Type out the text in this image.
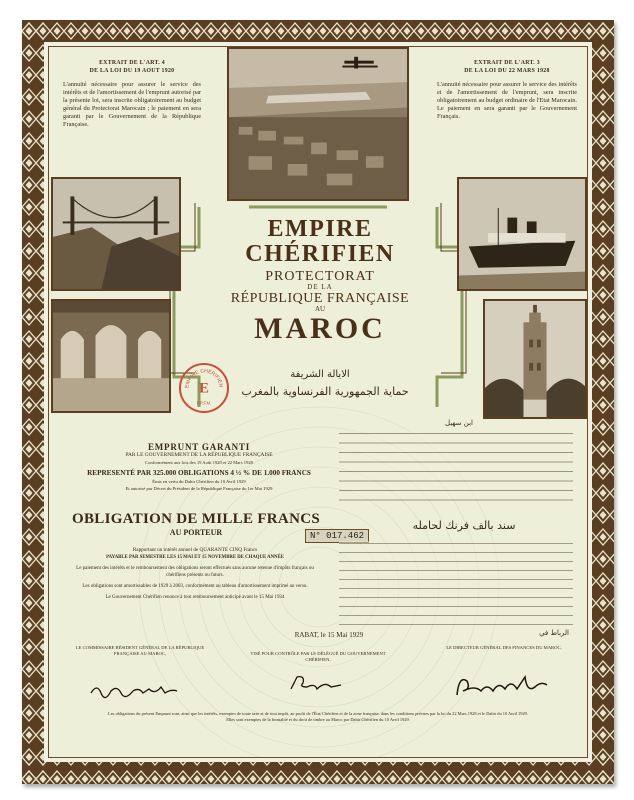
EXTRAIT DE L'ART. 4
DE LA LOI DU 19 AOUT 1920

L'annuité nécessaire pour assurer le service des intérêts et de l'amortissement de l'emprunt autorisé par la présente loi, sera inscrite obligatoirement au budget général du Protectorat Marocain ; le paiement en sera garanti par le Gouvernement de la République Française.

EXTRAIT DE L'ART. 3
DE LA LOI DU 22 MARS 1928

L'annuité nécessaire pour assurer le service des intérêts et de l'amortissement de l'emprunt, sera inscrite obligatoirement au budget ordinaire de l'Etat Marocain. Le paiement en sera garanti par le Gouvernement Français.

EMPIRE
CHÉRIFIEN
PROTECTORAT
DE LA
RÉPUBLIQUE FRANÇAISE
AU
MAROC
الايالة الشريفة
حماية الجمهورية الفرنساوية بالمغرب
EMPIRE CHÉRIFIEN
E
P.P.F.M.
ابن سهيل
EMPRUNT GARANTI
PAR LE GOUVERNEMENT DE LA RÉPUBLIQUE FRANÇAISE
Conformément aux lois des 19 Août 1920 et 22 Mars 1928
REPRESENTÉ PAR 325.000 OBLIGATIONS 4 ½ % DE 1.000 FRANCS
Émis en vertu du Dahir Chérifien du 10 Avril 1929
Et autorisé par Décret du Président de la République Française du 1er Mai 1929
OBLIGATION DE MILLE FRANCS
AU PORTEUR
سند بالف فرنك لحامله
N° 017.462
Rapportant un intérêt annuel de QUARANTE CINQ Francs
PAYABLE PAR SEMESTRE LES 15 MAI ET 15 NOVEMBRE DE CHAQUE ANNÉE
Le paiement des intérêts et le remboursement des obligations seront effectués sans aucune retenue d'impôts français ou chérifiens présents ou futurs.
Les obligations sont amortissables de 1929 à 2003, conformément au tableau d'amortissement imprimé au verso.
Le Gouvernement Chérifien renonce à tout remboursement anticipé avant le 15 Mai 1934
RABAT, le 15 Mai 1929	الرباط في
LE COMMISSAIRE RÉSIDENT GÉNÉRAL DE LA RÉPUBLIQUE FRANÇAISE AU MAROC,	VISÉ POUR CONTRÔLE PAR LE DÉLÉGUÉ DU GOUVERNEMENT CHÉRIFIEN,
LE DIRECTEUR GÉNÉRAL DES FINANCES DU MAROC,
Les obligations du présent Emprunt sont, ainsi que les intérêts, exemptes de toute taxe et de tout impôt, au profit de l'État Chérifien et de la zone française, dans les conditions prévues par la loi du 22 Mars 1928 et le Dahir du 10 Avril 1929.
Elles sont exemptes de la formalité et du droit de timbre au Maroc par Dahir Chérifien du 10 Avril 1929.
